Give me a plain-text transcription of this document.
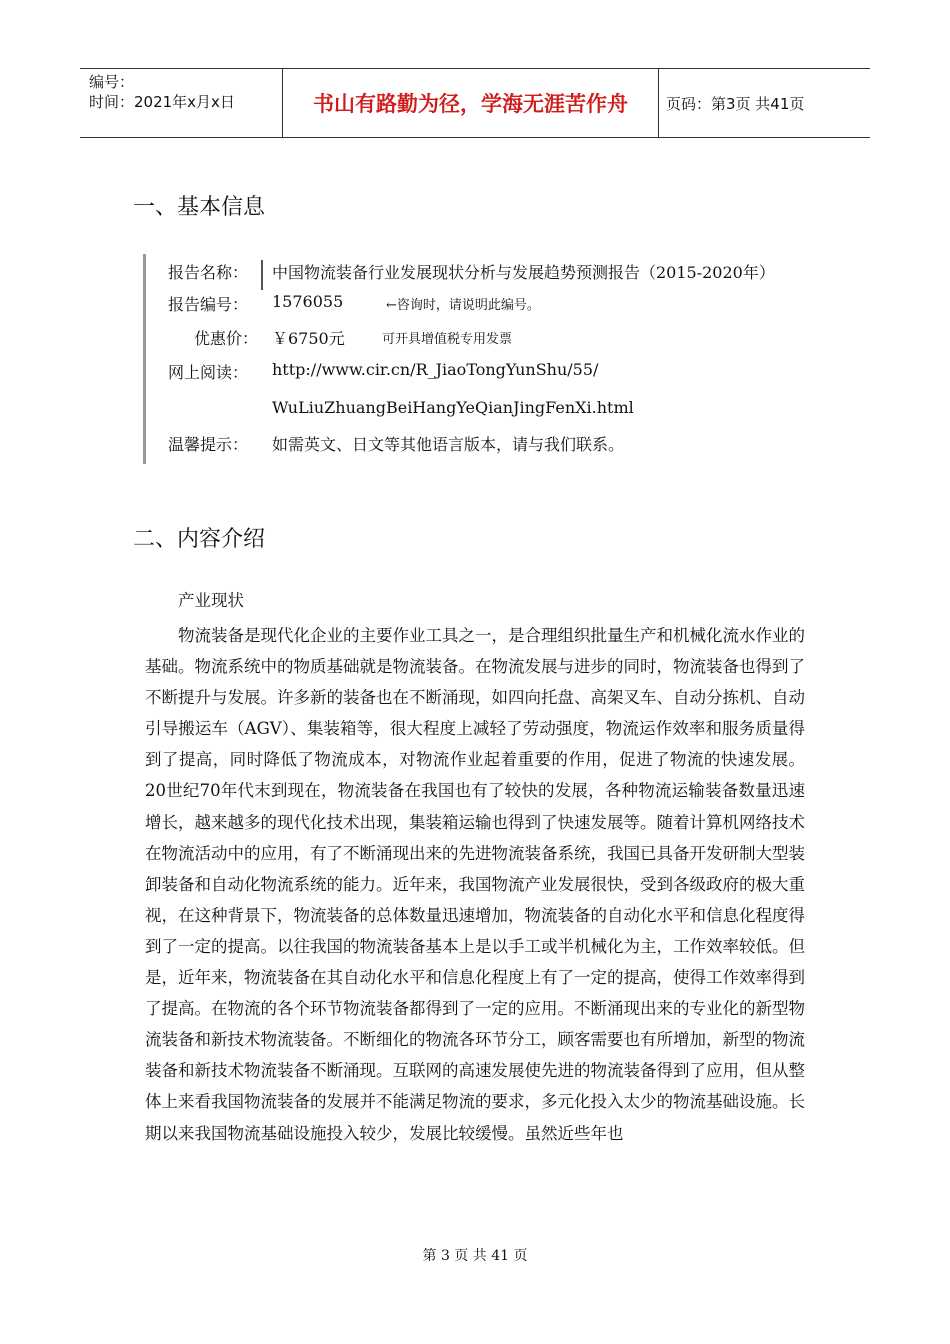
编号：
时间：2021年x月x日	书山有路勤为径，学海无涯苦作舟	页码：第3页 共41页
一、基本信息
报告名称：	中国物流装备行业发展现状分析与发展趋势预测报告（2015-2020年）
报告编号：	1576055	←咨询时，请说明此编号。
优惠价： ￥6750元	可开具增值税专用发票
网上阅读：	http://www.cir.cn/R_JiaoTongYunShu/55/
WuLiuZhuangBeiHangYeQianJingFenXi.html
温馨提示：	如需英文、日文等其他语言版本，请与我们联系。
二、内容介绍
产业现状
物流装备是现代化企业的主要作业工具之一，是合理组织批量生产和机械化流水作业的基础。物流系统中的物质基础就是物流装备。在物流发展与进步的同时，物流装备也得到了不断提升与发展。许多新的装备也在不断涌现，如四向托盘、高架叉车、自动分拣机、自动引导搬运车（AGV）、集装箱等，很大程度上减轻了劳动强度，物流运作效率和服务质量得到了提高，同时降低了物流成本，对物流作业起着重要的作用，促进了物流的快速发展。20世纪70年代末到现在，物流装备在我国也有了较快的发展，各种物流运输装备数量迅速增长，越来越多的现代化技术出现，集装箱运输也得到了快速发展等。随着计算机网络技术在物流活动中的应用，有了不断涌现出来的先进物流装备系统，我国已具备开发研制大型装卸装备和自动化物流系统的能力。近年来，我国物流产业发展很快，受到各级政府的极大重视，在这种背景下，物流装备的总体数量迅速增加，物流装备的自动化水平和信息化程度得到了一定的提高。以往我国的物流装备基本上是以手工或半机械化为主，工作效率较低。但是，近年来，物流装备在其自动化水平和信息化程度上有了一定的提高，使得工作效率得到了提高。在物流的各个环节物流装备都得到了一定的应用。不断涌现出来的专业化的新型物流装备和新技术物流装备。不断细化的物流各环节分工，顾客需要也有所增加，新型的物流装备和新技术物流装备不断涌现。互联网的高速发展使先进的物流装备得到了应用，但从整体上来看我国物流装备的发展并不能满足物流的要求，多元化投入太少的物流基础设施。长期以来我国物流基础设施投入较少，发展比较缓慢。虽然近些年也
第 3 页 共 41 页
